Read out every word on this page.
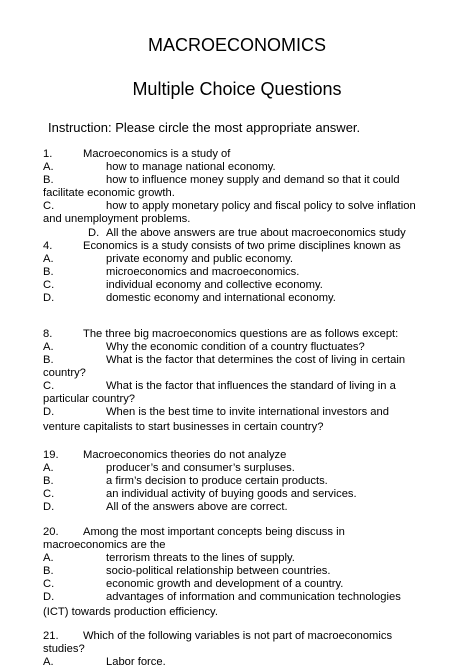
MACROECONOMICS
Multiple Choice Questions
Instruction: Please circle the most appropriate answer.
1.	Macroeconomics is a study of
A.	how to manage national economy.
B.	how to influence money supply and demand so that it could
facilitate economic growth.
C.	how to apply monetary policy and fiscal policy to solve inflation
and unemployment problems.
D. All the above answers are true about macroeconomics study
4.	Economics is a study consists of two prime disciplines known as
A.	private economy and public economy.
B.	microeconomics and macroeconomics.
C.	individual economy and collective economy.
D.	domestic economy and international economy.
8.	The three big macroeconomics questions are as follows except:
A.	Why the economic condition of a country fluctuates?
B.	What is the factor that determines the cost of living in certain
country?
C.	What is the factor that influences the standard of living in a
particular country?
D.	When is the best time to invite international investors and
venture capitalists to start businesses in certain country?
19. Macroeconomics theories do not analyze
A.	producer’s and consumer’s surpluses.
B.	a firm’s decision to produce certain products.
C.	an individual activity of buying goods and services.
D.	All of the answers above are correct.
20. Among the most important concepts being discuss in
macroeconomics are the
A.	terrorism threats to the lines of supply.
B.	socio-political relationship between countries.
C.	economic growth and development of a country.
D.	advantages of information and communication technologies
(ICT) towards production efficiency.
21. Which of the following variables is not part of macroeconomics
studies?
A.	Labor force.
